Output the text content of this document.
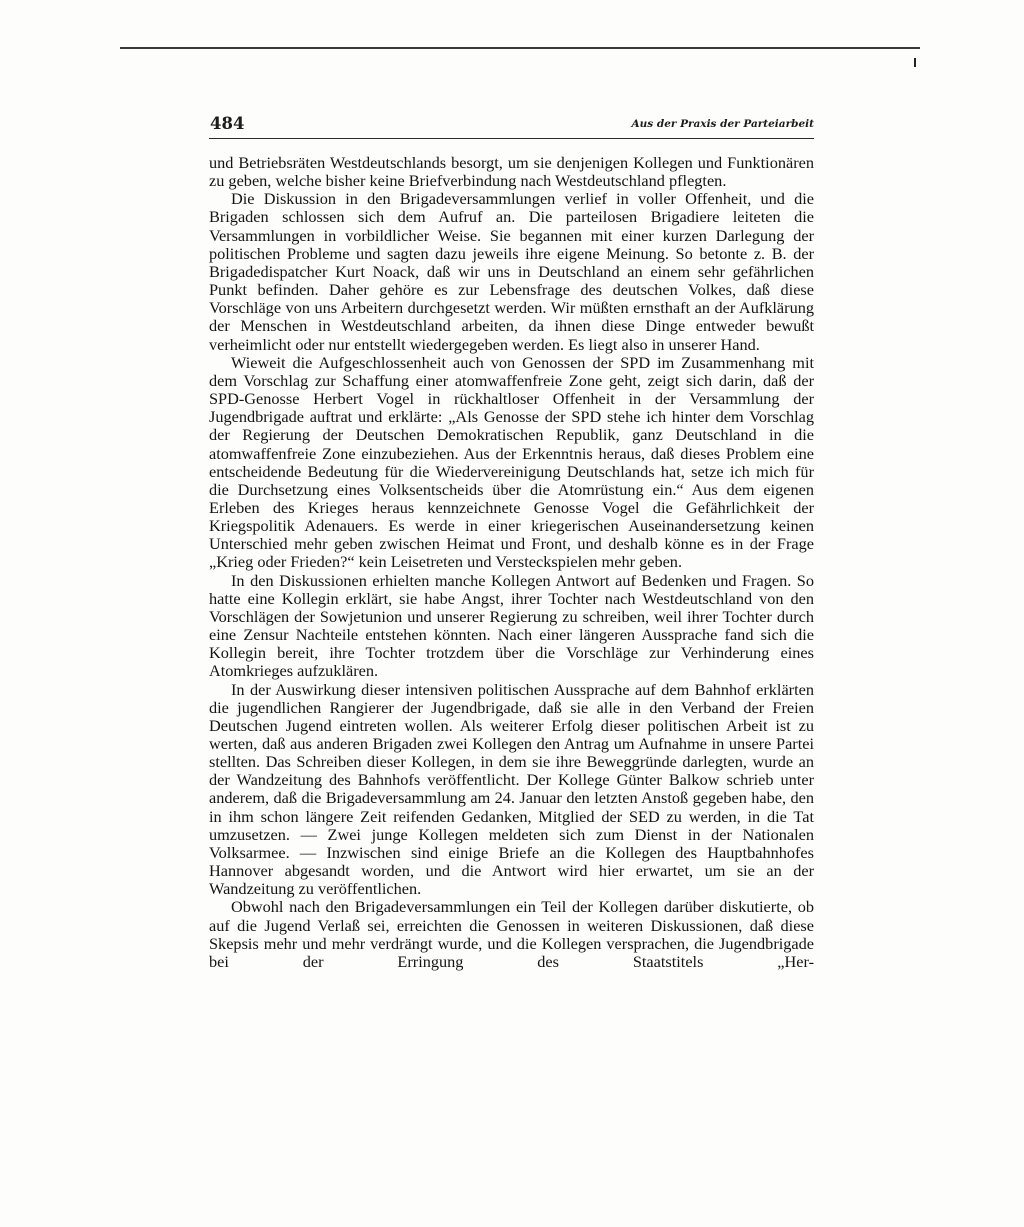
484	Aus der Praxis der Parteiarbeit

und Betriebsräten Westdeutschlands besorgt, um sie denjenigen Kollegen und Funktionären zu geben, welche bisher keine Briefverbindung nach Westdeutschland pflegten.

Die Diskussion in den Brigadeversammlungen verlief in voller Offenheit, und die Brigaden schlossen sich dem Aufruf an. Die parteilosen Brigadiere leiteten die Versammlungen in vorbildlicher Weise. Sie begannen mit einer kurzen Darlegung der politischen Probleme und sagten dazu jeweils ihre eigene Meinung. So betonte z. B. der Brigadedispatcher Kurt Noack, daß wir uns in Deutschland an einem sehr gefährlichen Punkt befinden. Daher gehöre es zur Lebensfrage des deutschen Volkes, daß diese Vorschläge von uns Arbeitern durchgesetzt werden. Wir müßten ernsthaft an der Aufklärung der Menschen in Westdeutschland arbeiten, da ihnen diese Dinge entweder bewußt verheimlicht oder nur entstellt wiedergegeben werden. Es liegt also in unserer Hand.

Wieweit die Aufgeschlossenheit auch von Genossen der SPD im Zusammenhang mit dem Vorschlag zur Schaffung einer atomwaffenfreie Zone geht, zeigt sich darin, daß der SPD-Genosse Herbert Vogel in rückhaltloser Offenheit in der Versammlung der Jugendbrigade auftrat und erklärte: „Als Genosse der SPD stehe ich hinter dem Vorschlag der Regierung der Deutschen Demokratischen Republik, ganz Deutschland in die atomwaffenfreie Zone einzubeziehen. Aus der Erkenntnis heraus, daß dieses Problem eine entscheidende Bedeutung für die Wiedervereinigung Deutschlands hat, setze ich mich für die Durchsetzung eines Volksentscheids über die Atomrüstung ein.“ Aus dem eigenen Erleben des Krieges heraus kennzeichnete Genosse Vogel die Gefährlichkeit der Kriegspolitik Adenauers. Es werde in einer kriegerischen Auseinandersetzung keinen Unterschied mehr geben zwischen Heimat und Front, und deshalb könne es in der Frage „Krieg oder Frieden?“ kein Leisetreten und Versteckspielen mehr geben.

In den Diskussionen erhielten manche Kollegen Antwort auf Bedenken und Fragen. So hatte eine Kollegin erklärt, sie habe Angst, ihrer Tochter nach Westdeutschland von den Vorschlägen der Sowjetunion und unserer Regierung zu schreiben, weil ihrer Tochter durch eine Zensur Nachteile entstehen könnten. Nach einer längeren Aussprache fand sich die Kollegin bereit, ihre Tochter trotzdem über die Vorschläge zur Verhinderung eines Atomkrieges aufzuklären.

In der Auswirkung dieser intensiven politischen Aussprache auf dem Bahnhof erklärten die jugendlichen Rangierer der Jugendbrigade, daß sie alle in den Verband der Freien Deutschen Jugend eintreten wollen. Als weiterer Erfolg dieser politischen Arbeit ist zu werten, daß aus anderen Brigaden zwei Kollegen den Antrag um Aufnahme in unsere Partei stellten. Das Schreiben dieser Kollegen, in dem sie ihre Beweggründe darlegten, wurde an der Wandzeitung des Bahnhofs veröffentlicht. Der Kollege Günter Balkow schrieb unter anderem, daß die Brigadeversammlung am 24. Januar den letzten Anstoß gegeben habe, den in ihm schon längere Zeit reifenden Gedanken, Mitglied der SED zu werden, in die Tat umzusetzen. — Zwei junge Kollegen meldeten sich zum Dienst in der Nationalen Volksarmee. — Inzwischen sind einige Briefe an die Kollegen des Hauptbahnhofes Hannover abgesandt worden, und die Antwort wird hier erwartet, um sie an der Wandzeitung zu veröffentlichen.

Obwohl nach den Brigadeversammlungen ein Teil der Kollegen darüber diskutierte, ob auf die Jugend Verlaß sei, erreichten die Genossen in weiteren Diskussionen, daß diese Skepsis mehr und mehr verdrängt wurde, und die Kollegen versprachen, die Jugendbrigade bei der Erringung des Staatstitels „Her-
